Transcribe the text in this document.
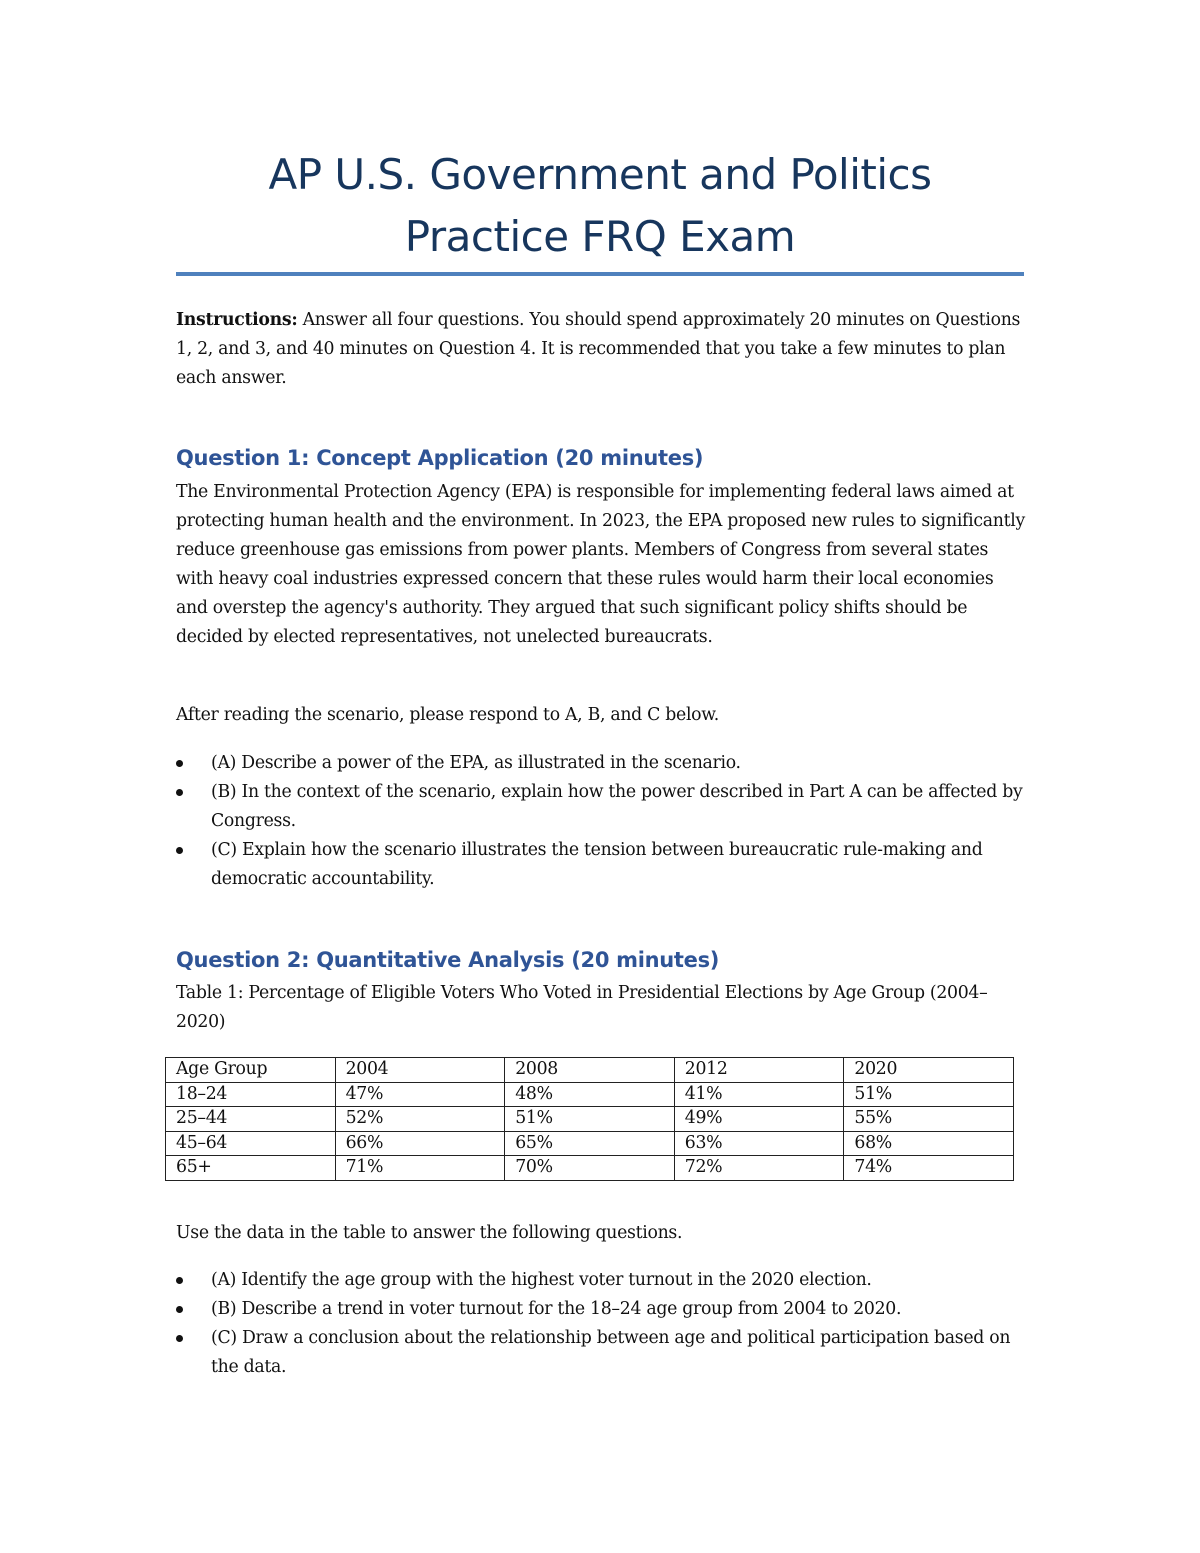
AP U.S. Government and Politics
Practice FRQ Exam
Instructions: Answer all four questions. You should spend approximately 20 minutes on Questions 1, 2, and 3, and 40 minutes on Question 4. It is recommended that you take a few minutes to plan each answer.
Question 1: Concept Application (20 minutes)
The Environmental Protection Agency (EPA) is responsible for implementing federal laws aimed at protecting human health and the environment. In 2023, the EPA proposed new rules to significantly reduce greenhouse gas emissions from power plants. Members of Congress from several states with heavy coal industries expressed concern that these rules would harm their local economies and overstep the agency's authority. They argued that such significant policy shifts should be decided by elected representatives, not unelected bureaucrats.
After reading the scenario, please respond to A, B, and C below.
(A) Describe a power of the EPA, as illustrated in the scenario.
(B) In the context of the scenario, explain how the power described in Part A can be affected by Congress.
(C) Explain how the scenario illustrates the tension between bureaucratic rule-making and democratic accountability.
Question 2: Quantitative Analysis (20 minutes)
Table 1: Percentage of Eligible Voters Who Voted in Presidential Elections by Age Group (2004–2020)
Age Group	2004	2008	2012	2020
18–24	47%	48%	41%	51%
25–44	52%	51%	49%	55%
45–64	66%	65%	63%	68%
65+	71%	70%	72%	74%
Use the data in the table to answer the following questions.
(A) Identify the age group with the highest voter turnout in the 2020 election.
(B) Describe a trend in voter turnout for the 18–24 age group from 2004 to 2020.
(C) Draw a conclusion about the relationship between age and political participation based on the data.
